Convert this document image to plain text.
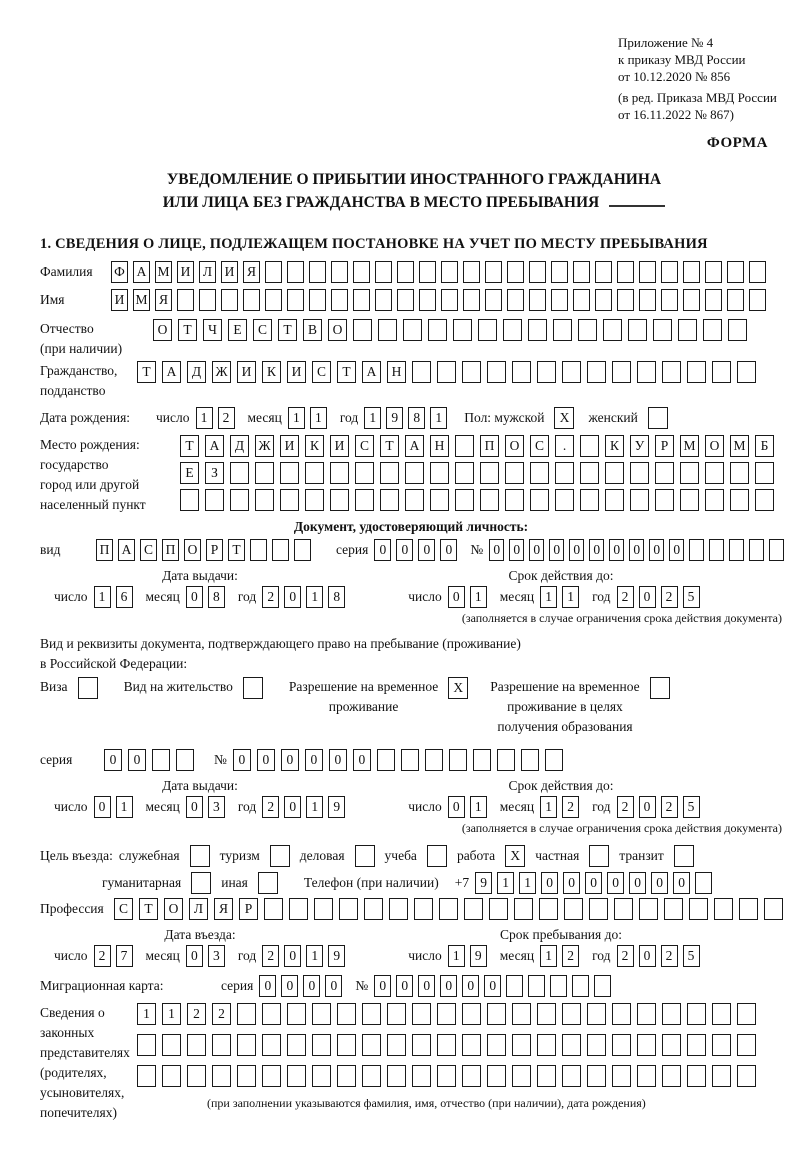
Приложение № 4
к приказу МВД России
от 10.12.2020 № 856
(в ред. Приказа МВД России
от 16.11.2022 № 867)
ФОРМА
УВЕДОМЛЕНИЕ О ПРИБЫТИИ ИНОСТРАННОГО ГРАЖДАНИНА
ИЛИ ЛИЦА БЕЗ ГРАЖДАНСТВА В МЕСТО ПРЕБЫВАНИЯ
1. СВЕДЕНИЯ О ЛИЦЕ, ПОДЛЕЖАЩЕМ ПОСТАНОВКЕ НА УЧЕТ ПО МЕСТУ ПРЕБЫВАНИЯ
Фамилия	Ф А М И Л И Я
Имя	И М Я
Отчество
(при наличии)
О	Т	Ч	Е	С	Т	В	О
Гражданство,
подданство
Т	А	Д	Ж	И	К	И	С	Т	А	Н
Дата рождения:	число 1	2	месяц 1	1	год 1	9	8	1	Пол: мужской	X	женский
Место рождения:
государство
город или другой
населенный пункт
Т	А	Д	Ж	И	К	И	С	Т	А	Н	П	О	С	.	К	У	Р	М	О	М	Б
Е	З
Документ, удостоверяющий личность:
вид	П А С П О Р	Т	серия 0	0	0	0	№ 0 0 0 0 0 0 0 0 0 0
Дата выдачи:	Срок действия до:
число 1	6	месяц 0	8	год 2	0	1	8	число 0	1	месяц 1	1	год 2	0	2	5
(заполняется в случае ограничения срока действия документа)
Вид и реквизиты документа, подтверждающего право на пребывание (проживание)
в Российской Федерации:
Виза	Вид на жительство	Разрешение на временное
проживание
X	Разрешение на временное
проживание в целях
получения образования
серия	0	0	№ 0	0	0	0	0	0
Дата выдачи:	Срок действия до:
число 0	1	месяц 0	3	год 2	0	1	9	число 0	1	месяц 1	2	год 2	0	2	5
(заполняется в случае ограничения срока действия документа)
Цель въезда: служебная	туризм	деловая	учеба	работа	X	частная	транзит
гуманитарная	иная	Телефон (при наличии) +7 9	1	1	0	0	0	0	0	0	0
Профессия	С	Т	О	Л	Я	Р
Дата въезда:	Срок пребывания до:
число 2	7	месяц 0	3	год 2	0	1	9	число 1	9	месяц 1	2	год 2	0	2	5
Миграционная карта:	серия 0	0	0	0	№ 0	0	0	0	0	0
Сведения о
законных
представителях
(родителях,
усыновителях,
попечителях)
1	1	2	2
(при заполнении указываются фамилия, имя, отчество (при наличии), дата рождения)
